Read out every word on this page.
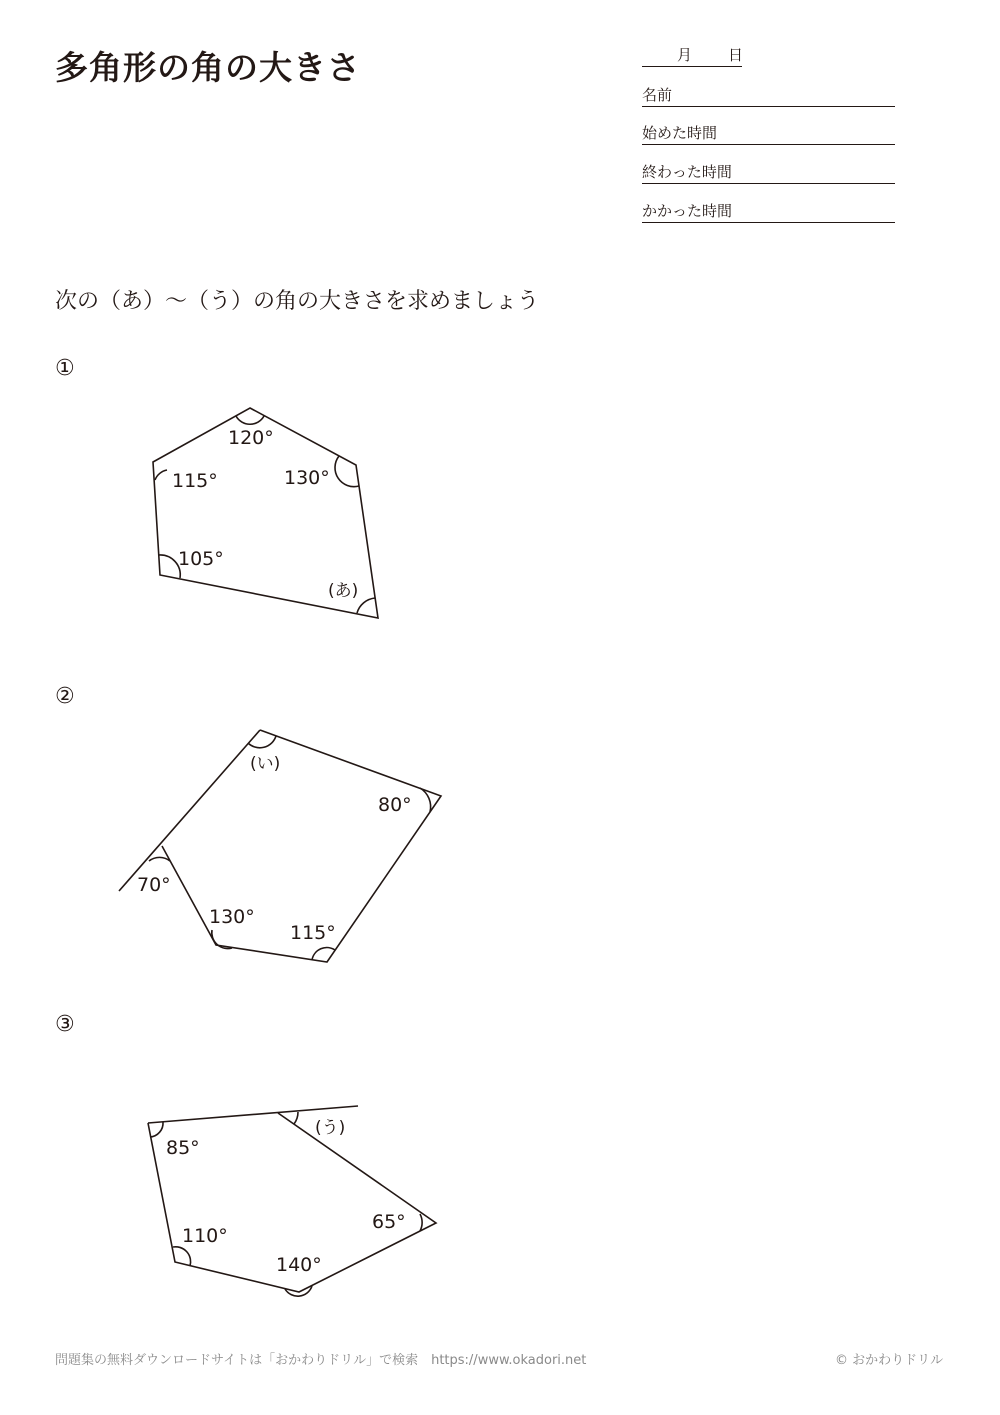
多角形の角の大きさ	月 日
名前
始めた時間
終わった時間
かかった時間
次の（あ）～（う）の角の大きさを求めましょう
①
②
③
120°
115°	130°
105°
(あ)
(い)
80°
70°
130°
115°
(う)
85°
65°
110°
140°
問題集の無料ダウンロードサイトは「おかわりドリル」で検索　https://www.okadori.net	© おかわりドリル
